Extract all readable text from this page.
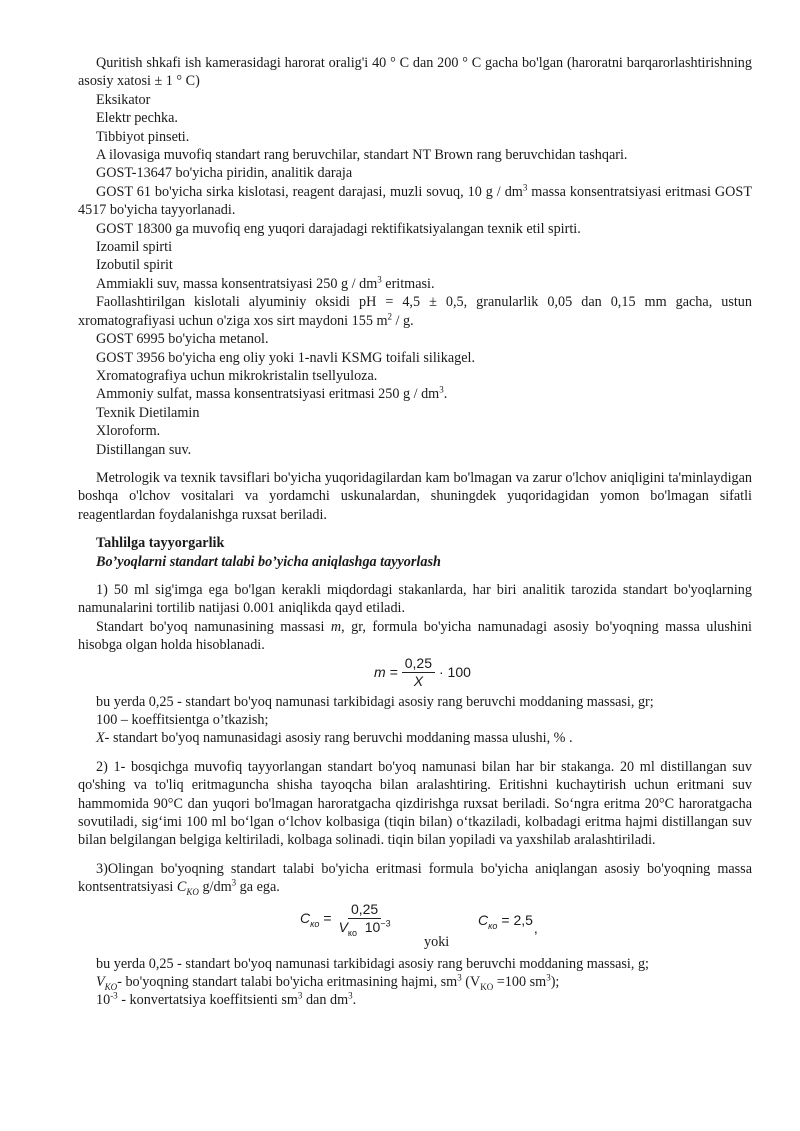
Quritish shkafi ish kamerasidagi harorat oralig'i 40 ° C dan 200 ° C gacha bo'lgan (haroratni barqarorlashtirishning asosiy xatosi ± 1 ° C)

Eksikator
Elektr pechka.
Tibbiyot pinseti.
A ilovasiga muvofiq standart rang beruvchilar, standart NT Brown rang beruvchidan tashqari.
GOST-13647 bo'yicha piridin, analitik daraja

GOST 61 bo'yicha sirka kislotasi, reagent darajasi, muzli sovuq, 10 g / $dm^3$ massa konsentratsiyasi eritmasi GOST 4517 bo'yicha tayyorlanadi.

GOST 18300 ga muvofiq eng yuqori darajadagi rektifikatsiyalangan texnik etil spirti.
Izoamil spirti
Izobutil spirit
Ammiakli suv, massa konsentratsiyasi 250 g / $dm^3$ eritmasi.

Faollashtirilgan kislotali alyuminiy oksidi pH = 4,5 ± 0,5, granularlik 0,05 dan 0,15 mm gacha, ustun xromatografiyasi uchun o'ziga xos sirt maydoni 155 $m^2$ / g.

GOST 6995 bo'yicha metanol.
GOST 3956 bo'yicha eng oliy yoki 1-navli KSMG toifali silikagel.
Xromatografiya uchun mikrokristalin tsellyuloza.
Ammoniy sulfat, massa konsentratsiyasi eritmasi 250 g / $dm^3$.
Texnik Dietilamin
Xloroform.
Distillangan suv.

Metrologik va texnik tavsiflari bo'yicha yuqoridagilardan kam bo'lmagan va zarur o'lchov aniqligini ta'minlaydigan boshqa o'lchov vositalari va yordamchi uskunalardan, shuningdek yuqoridagidan yomon bo'lmagan sifatli reagentlardan foydalanishga ruxsat beriladi.

Tahlilga tayyorgarlik
Bo’yoqlarni standart talabi bo’yicha aniqlashga tayyorlash

1) 50 ml sig'imga ega bo'lgan kerakli miqdordagi stakanlarda, har biri analitik tarozida standart bo'yoqlarning namunalarini tortilib natijasi 0.001 aniqlikda qayd etiladi.

Standart bo'yoq namunasining massasi m, gr, formula bo'yicha namunadagi asosiy bo'yoqning massa ulushini hisobga olgan holda hisoblanadi.

$m = \frac{0,25}{X} \cdot 100$
bu yerda 0,25 - standart bo'yoq namunasi tarkibidagi asosiy rang beruvchi moddaning massasi, gr;
100 – koeffitsientga o’tkazish;
X- standart bo'yoq namunasidagi asosiy rang beruvchi moddaning massa ulushi, % .

2) 1- bosqichga muvofiq tayyorlangan standart bo'yoq namunasi bilan har bir stakanga. 20 ml distillangan suv qo'shing va to'liq eritmaguncha shisha tayoqcha bilan aralashtiring. Eritishni kuchaytirish uchun eritmani suv hammomida 90°C dan yuqori bo'lmagan haroratgacha qizdirishga ruxsat beriladi. So‘ngra eritma 20°C haroratgacha sovutiladi, sig‘imi 100 ml bo‘lgan o‘lchov kolbasiga (tiqin bilan) o‘tkaziladi, kolbadagi eritma hajmi distillangan suv bilan belgilangan belgiga keltiriladi, kolbaga solinadi. tiqin bilan yopiladi va yaxshilab aralashtiriladi.

3)Olingan bo'yoqning standart talabi bo'yicha eritmasi formula bo'yicha aniqlangan asosiy bo'yoqning massa kontsentratsiyasi $C_{KO}$ $g/dm^3$ ga ega.

$C_{ко} = \frac{0,25}{V_{ко} 10^{-3}}$
yoki
$C_{ко} = 2,5$ ,
bu yerda 0,25 - standart bo'yoq namunasi tarkibidagi asosiy rang beruvchi moddaning massasi, g;
$V_{KO}-$ bo'yoqning standart talabi bo'yicha eritmasining hajmi, $sm^3$ ($V_{KO} =100$ $sm^3$);
$10^{-3}$ - konvertatsiya koeffitsienti $sm^3$ dan $dm^3$.
